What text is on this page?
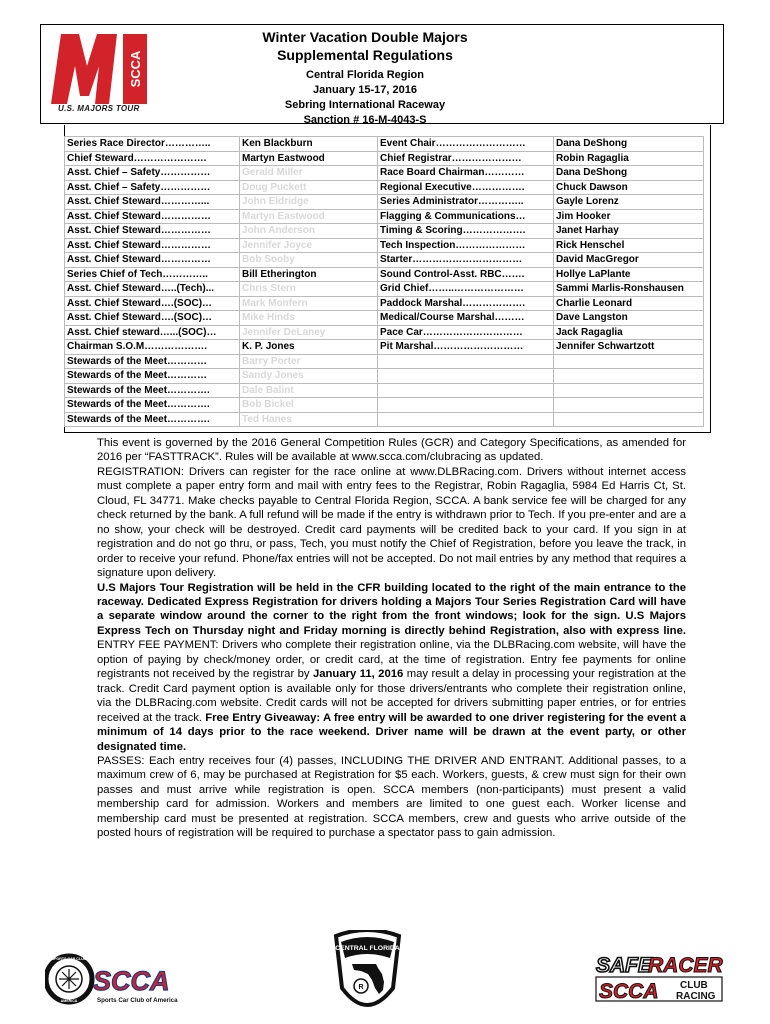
SCCA
U.S. MAJORS TOUR
Winter Vacation Double Majors
Supplemental Regulations
Central Florida Region
January 15-17, 2016
Sebring International Raceway
Sanction # 16-M-4043-S
Series Race Director…………..	Ken Blackburn	Event Chair………………………	Dana DeShong
Chief Steward………………….	Martyn Eastwood	Chief Registrar…………………	Robin Ragaglia
Asst. Chief – Safety……………	Gerald Miller	Race Board Chairman…………	Dana DeShong
Asst. Chief – Safety……………	Doug Puckett	Regional Executive…………….	Chuck Dawson
Asst. Chief Steward…………...	John Eldridge	Series Administrator…………..	Gayle Lorenz
Asst. Chief Steward……………	Martyn Eastwood	Flagging & Communications…	Jim Hooker
Asst. Chief Steward……………	John Anderson	Timing & Scoring……………….	Janet Harhay
Asst. Chief Steward……………	Jennifer Joyce	Tech Inspection…………………	Rick Henschel
Asst. Chief Steward……………	Bob Sooby	Starter……………………………	David MacGregor
Series Chief of Tech…………..	Bill Etherington	Sound Control-Asst. RBC…….	Hollye LaPlante
Asst. Chief Steward…..(Tech)...	Chris Stern	Grid Chief……..…………………	Sammi Marlis-Ronshausen
Asst. Chief Steward….(SOC)…	Mark Monfern	Paddock Marshal……………….	Charlie Leonard
Asst. Chief Steward….(SOC)…	Mike Hinds	Medical/Course Marshal………	Dave Langston
Asst. Chief steward…...(SOC)…	Jennifer DeLaney	Pace Car…………………………	Jack Ragaglia
Chairman S.O.M……………….	K. P. Jones	Pit Marshal………………………	Jennifer Schwartzott
Stewards of the Meet…………	Barry Porter		
Stewards of the Meet…………	Sandy Jones		
Stewards of the Meet………….	Dale Balint		
Stewards of the Meet………….	Bob Bickel		
Stewards of the Meet………….	Ted Hanes		

This event is governed by the 2016 General Competition Rules (GCR) and Category Specifications, as amended for 2016 per “FASTTRACK”. Rules will be available at www.scca.com/clubracing as updated.

REGISTRATION: Drivers can register for the race online at www.DLBRacing.com. Drivers without internet access must complete a paper entry form and mail with entry fees to the Registrar, Robin Ragaglia, 5984 Ed Harris Ct, St. Cloud, FL 34771. Make checks payable to Central Florida Region, SCCA. A bank service fee will be charged for any check returned by the bank. A full refund will be made if the entry is withdrawn prior to Tech. If you pre-enter and are a no show, your check will be destroyed. Credit card payments will be credited back to your card. If you sign in at registration and do not go thru, or pass, Tech, you must notify the Chief of Registration, before you leave the track, in order to receive your refund. Phone/fax entries will not be accepted. Do not mail entries by any method that requires a signature upon delivery.

U.S Majors Tour Registration will be held in the CFR building located to the right of the main entrance to the raceway. Dedicated Express Registration for drivers holding a Majors Tour Series Registration Card will have a separate window around the corner to the right from the front windows; look for the sign. U.S Majors Express Tech on Thursday night and Friday morning is directly behind Registration, also with express line. ENTRY FEE PAYMENT: Drivers who complete their registration online, via the DLBRacing.com website, will have the option of paying by check/money order, or credit card, at the time of registration. Entry fee payments for online registrants not received by the registrar by January 11, 2016 may result a delay in processing your registration at the track. Credit Card payment option is available only for those drivers/entrants who complete their registration online, via the DLBRacing.com website. Credit cards will not be accepted for drivers submitting paper entries, or for entries received at the track. Free Entry Giveaway: A free entry will be awarded to one driver registering for the event a minimum of 14 days prior to the race weekend. Driver name will be drawn at the event party, or other designated time.

PASSES: Each entry receives four (4) passes, INCLUDING THE DRIVER AND ENTRANT. Additional passes, to a maximum crew of 6, may be purchased at Registration for $5 each. Workers, guests, & crew must sign for their own passes and must arrive while registration is open. SCCA members (non-participants) must present a valid membership card for admission. Workers and members are limited to one guest each. Worker license and membership card must be presented at registration. SCCA members, crew and guests who arrive outside of the posted hours of registration will be required to purchase a spectator pass to gain admission.

SPORTS CAR CLUB
AMERICA
SCCA
Sports Car Club of America
CENTRAL FLORIDA
R
SAFE
RACER
SCCA CLUB
RACING
